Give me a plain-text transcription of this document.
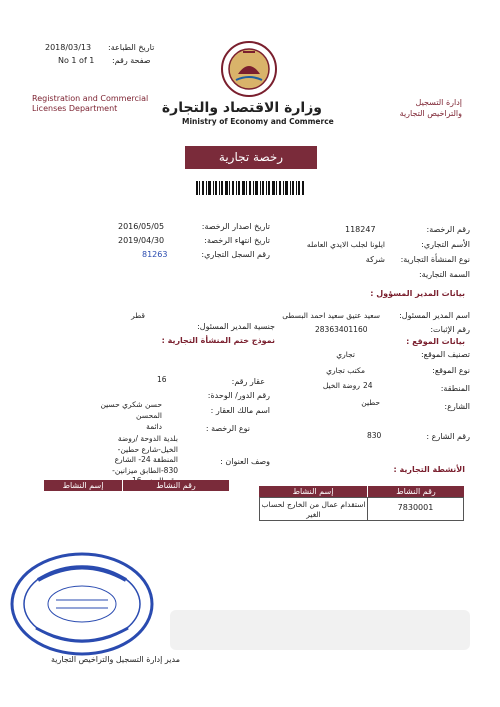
2018/03/13 تاريخ الطباعة:
No 1 of 1 صفحة رقم:
Registration and Commercial
Licenses Department	وزارة الاقتصاد والتجارة
Ministry of Economy and Commerce
إدارة التسجيل
والتراخيص التجارية
رخصة تجارية
رقم الرخصة:
118247
الأسم التجاري:
ايلونا لجلب الايدي العامله
نوع المنشأة التجارية:
شركة
السمة التجارية:
2016/05/05	تاريخ اصدار الرخصة:
2019/04/30	تاريخ انتهاء الرخصة:
81263	رقم السجل التجاري:
بيانات المدير المسؤول :
اسم المدير المسئول:
سعيد عتيق سعيد احمد البسطى
رقم الإثبات:
28363401160
جنسية المدير المسئول:
قطر
نموذج ختم المنشأة التجارية :	بيانات الموقع :
تصنيف الموقع:
تجاري
نوع الموقع:
مكتب تجاري
المنطقة:
روضة الخيل 24
الشارع:
حطين
رقم الشارع :
830
عقار رقم:
16
رقم الدور/ الوحدة:
اسم مالك العقار :
حسن شكري حسين
المحسن
نوع الرخصة :
دائمة
وصف العنوان :
بلدية الدوحة /روضة
الخيل-شارع حطين-
المنطقة 24- الشارع
830-الطابق ميزانين-	الأنشطة التجارية :
إسم النشاط	رقم النشاط
إسم النشاط	رقم النشاط
استقدام عمال من الخارج لحساب
الغير
7830001
مدير إدارة التسجيل والتراخيص التجارية
